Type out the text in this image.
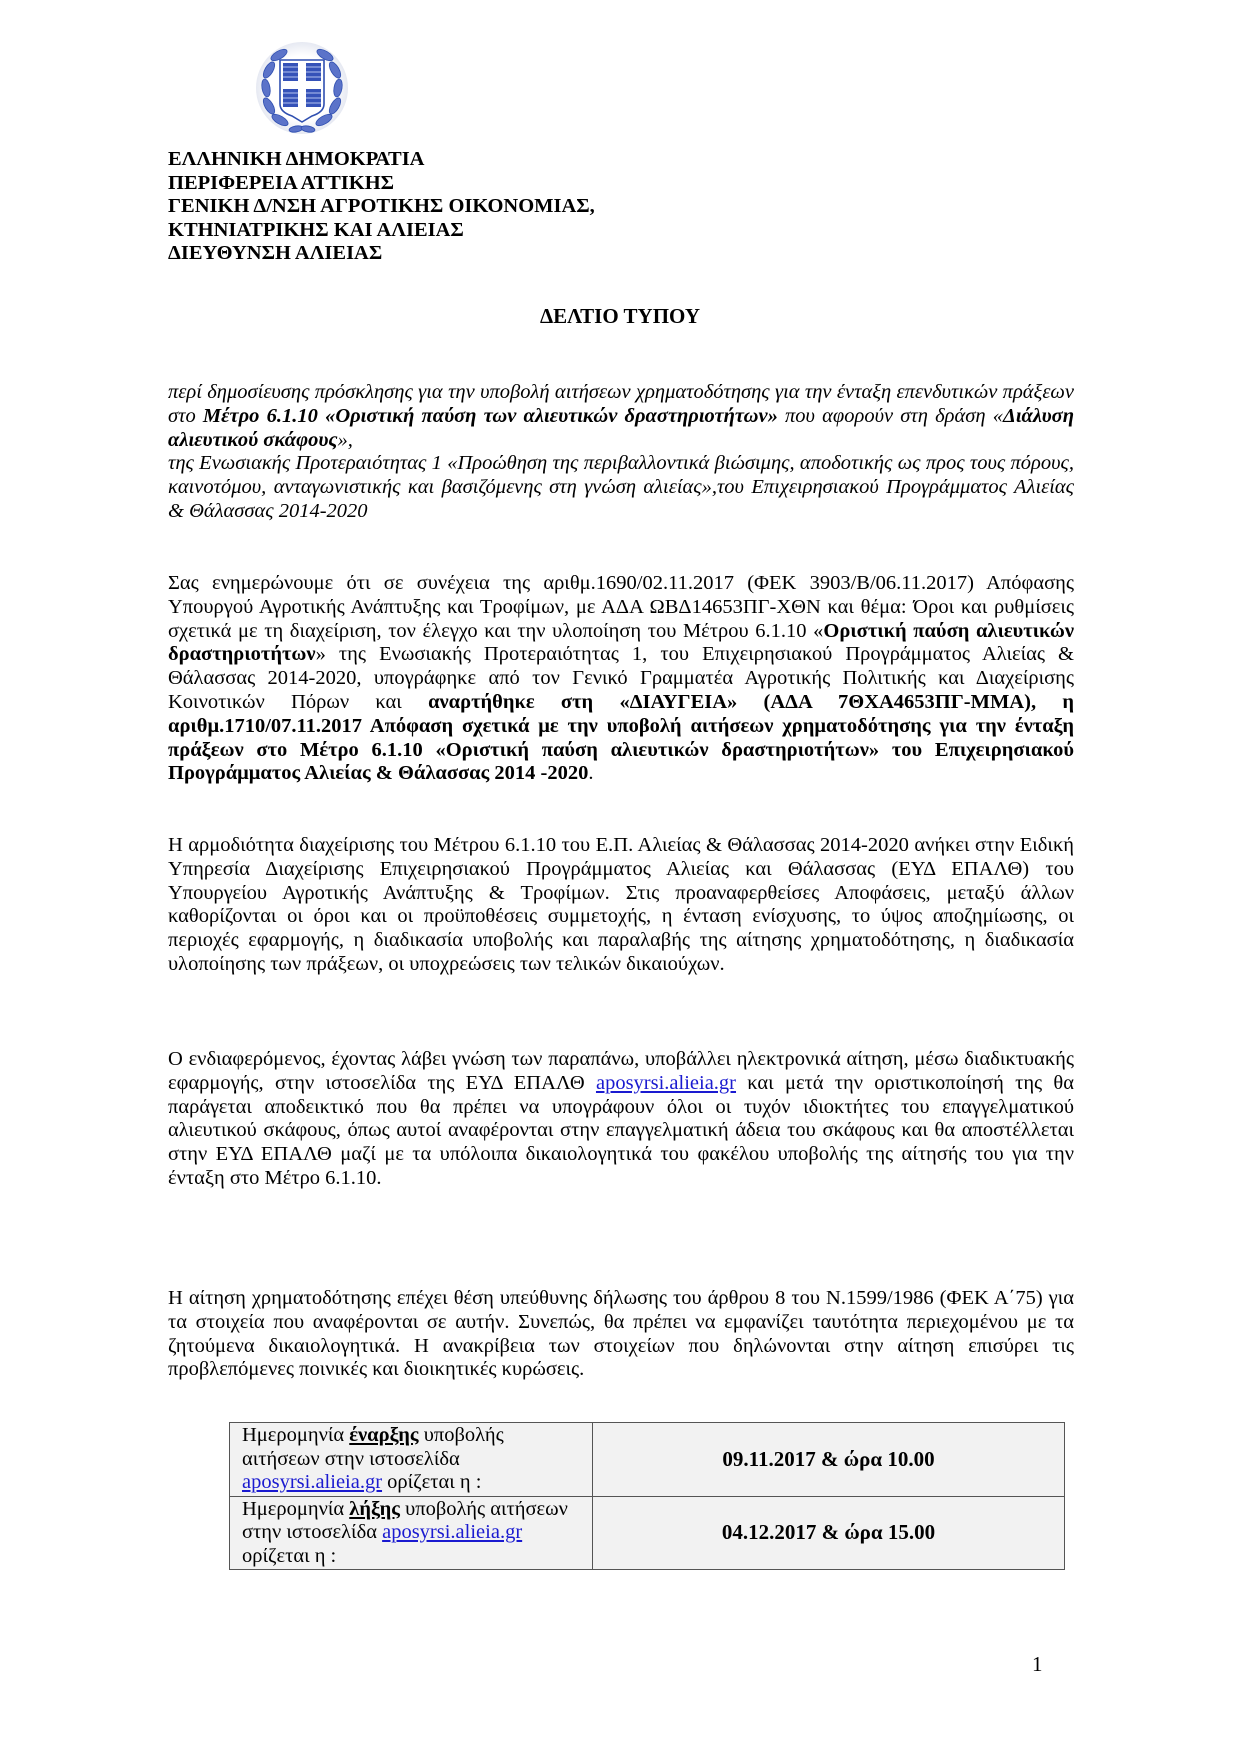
ΕΛΛΗΝΙΚΗ ΔΗΜΟΚΡΑΤΙΑ
ΠΕΡΙΦΕΡΕΙΑ ΑΤΤΙΚΗΣ
ΓΕΝΙΚΗ Δ/ΝΣΗ ΑΓΡΟΤΙΚΗΣ ΟΙΚΟΝΟΜΙΑΣ,
ΚΤΗΝΙΑΤΡΙΚΗΣ ΚΑΙ ΑΛΙΕΙΑΣ
ΔΙΕΥΘΥΝΣΗ ΑΛΙΕΙΑΣ
ΔΕΛΤΙΟ ΤΥΠΟΥ
περί δημοσίευσης πρόσκλησης για την υποβολή αιτήσεων χρηματοδότησης για την ένταξη επενδυτικών πράξεων στο Μέτρο 6.1.10 «Οριστική παύση των αλιευτικών δραστηριοτήτων» που αφορούν στη δράση «Διάλυση αλιευτικού σκάφους»,
της Ενωσιακής Προτεραιότητας 1 «Προώθηση της περιβαλλοντικά βιώσιμης, αποδοτικής ως προς τους πόρους, καινοτόμου, ανταγωνιστικής και βασιζόμενης στη γνώση αλιείας»,του Επιχειρησιακού Προγράμματος Αλιείας & Θάλασσας 2014-2020
Σας ενημερώνουμε ότι σε συνέχεια της αριθμ.1690/02.11.2017 (ΦΕΚ 3903/Β/06.11.2017) Απόφασης Υπουργού Αγροτικής Ανάπτυξης και Τροφίμων, με ΑΔΑ ΩΒΔ14653ΠΓ-ΧΘΝ και θέμα: Όροι και ρυθμίσεις σχετικά με τη διαχείριση, τον έλεγχο και την υλοποίηση του Μέτρου 6.1.10 «Οριστική παύση αλιευτικών δραστηριοτήτων» της Ενωσιακής Προτεραιότητας 1, του Επιχειρησιακού Προγράμματος Αλιείας & Θάλασσας 2014-2020, υπογράφηκε από τον Γενικό Γραμματέα Αγροτικής Πολιτικής και Διαχείρισης Κοινοτικών Πόρων και αναρτήθηκε στη «ΔΙΑΥΓΕΙΑ» (ΑΔΑ 7ΘΧΑ4653ΠΓ-ΜΜΑ), η αριθμ.1710/07.11.2017 Απόφαση σχετικά με την υποβολή αιτήσεων χρηματοδότησης για την ένταξη πράξεων στο Μέτρο 6.1.10 «Οριστική παύση αλιευτικών δραστηριοτήτων» του Επιχειρησιακού Προγράμματος Αλιείας & Θάλασσας 2014 -2020.
Η αρμοδιότητα διαχείρισης του Μέτρου 6.1.10 του Ε.Π. Αλιείας & Θάλασσας 2014-2020 ανήκει στην Ειδική Υπηρεσία Διαχείρισης Επιχειρησιακού Προγράμματος Αλιείας και Θάλασσας (ΕΥΔ ΕΠΑΛΘ) του Υπουργείου Αγροτικής Ανάπτυξης & Τροφίμων. Στις προαναφερθείσες Αποφάσεις, μεταξύ άλλων καθορίζονται οι όροι και οι προϋποθέσεις συμμετοχής, η ένταση ενίσχυσης, το ύψος αποζημίωσης, οι περιοχές εφαρμογής, η διαδικασία υποβολής και παραλαβής της αίτησης χρηματοδότησης, η διαδικασία υλοποίησης των πράξεων, οι υποχρεώσεις των τελικών δικαιούχων.
Ο ενδιαφερόμενος, έχοντας λάβει γνώση των παραπάνω, υποβάλλει ηλεκτρονικά αίτηση, μέσω διαδικτυακής εφαρμογής, στην ιστοσελίδα της ΕΥΔ ΕΠΑΛΘ aposyrsi.alieia.gr και μετά την οριστικοποίησή της θα παράγεται αποδεικτικό που θα πρέπει να υπογράφουν όλοι οι τυχόν ιδιοκτήτες του επαγγελματικού αλιευτικού σκάφους, όπως αυτοί αναφέρονται στην επαγγελματική άδεια του σκάφους και θα αποστέλλεται στην ΕΥΔ ΕΠΑΛΘ μαζί με τα υπόλοιπα δικαιολογητικά του φακέλου υποβολής της αίτησής του για την ένταξη στο Μέτρο 6.1.10.
Η αίτηση χρηματοδότησης επέχει θέση υπεύθυνης δήλωσης του άρθρου 8 του Ν.1599/1986 (ΦΕΚ Α΄75) για τα στοιχεία που αναφέρονται σε αυτήν. Συνεπώς, θα πρέπει να εμφανίζει ταυτότητα περιεχομένου με τα ζητούμενα δικαιολογητικά. Η ανακρίβεια των στοιχείων που δηλώνονται στην αίτηση επισύρει τις προβλεπόμενες ποινικές και διοικητικές κυρώσεις.
Ημερομηνία έναρξης υποβολής αιτήσεων στην ιστοσελίδα aposyrsi.alieia.gr ορίζεται η :	09.11.2017 & ώρα 10.00
Ημερομηνία λήξης υποβολής αιτήσεων στην ιστοσελίδα aposyrsi.alieia.gr ορίζεται η :	04.12.2017 & ώρα 15.00
1
